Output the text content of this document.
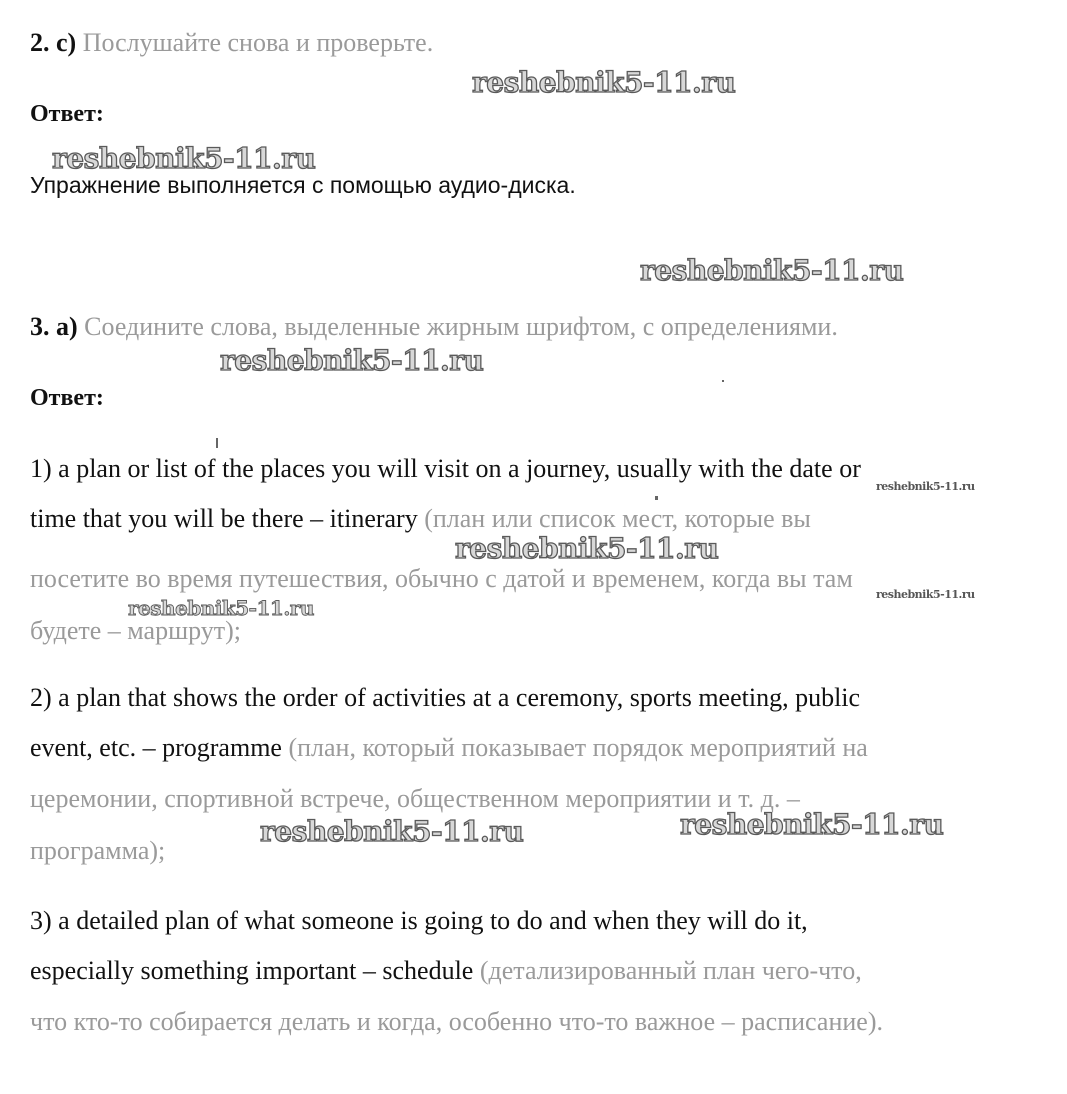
2. с) Послушайте снова и проверьте.
reshebnik5-11.ru
Ответ:
reshebnik5-11.ru
Упражнение выполняется с помощью аудио-диска.
reshebnik5-11.ru
3. a) Соедините слова, выделенные жирным шрифтом, с определениями.
reshebnik5-11.ru
Ответ:
1) a plan or list of the places you will visit on a journey, usually with the date or
reshebnik5-11.ru
time that you will be there – itinerary (план или список мест, которые вы
reshebnik5-11.ru
посетите во время путешествия, обычно с датой и временем, когда вы там
reshebnik5-11.ru
reshebnik5-11.ru
будете – маршрут);
2) a plan that shows the order of activities at a ceremony, sports meeting, public
event, etc. – programme (план, который показывает порядок мероприятий на
церемонии, спортивной встрече, общественном мероприятии и т. д. –
reshebnik5-11.ru
reshebnik5-11.ru
программа);
3) a detailed plan of what someone is going to do and when they will do it,
especially something important – schedule (детализированный план чего-что,
что кто-то собирается делать и когда, особенно что-то важное – расписание).
